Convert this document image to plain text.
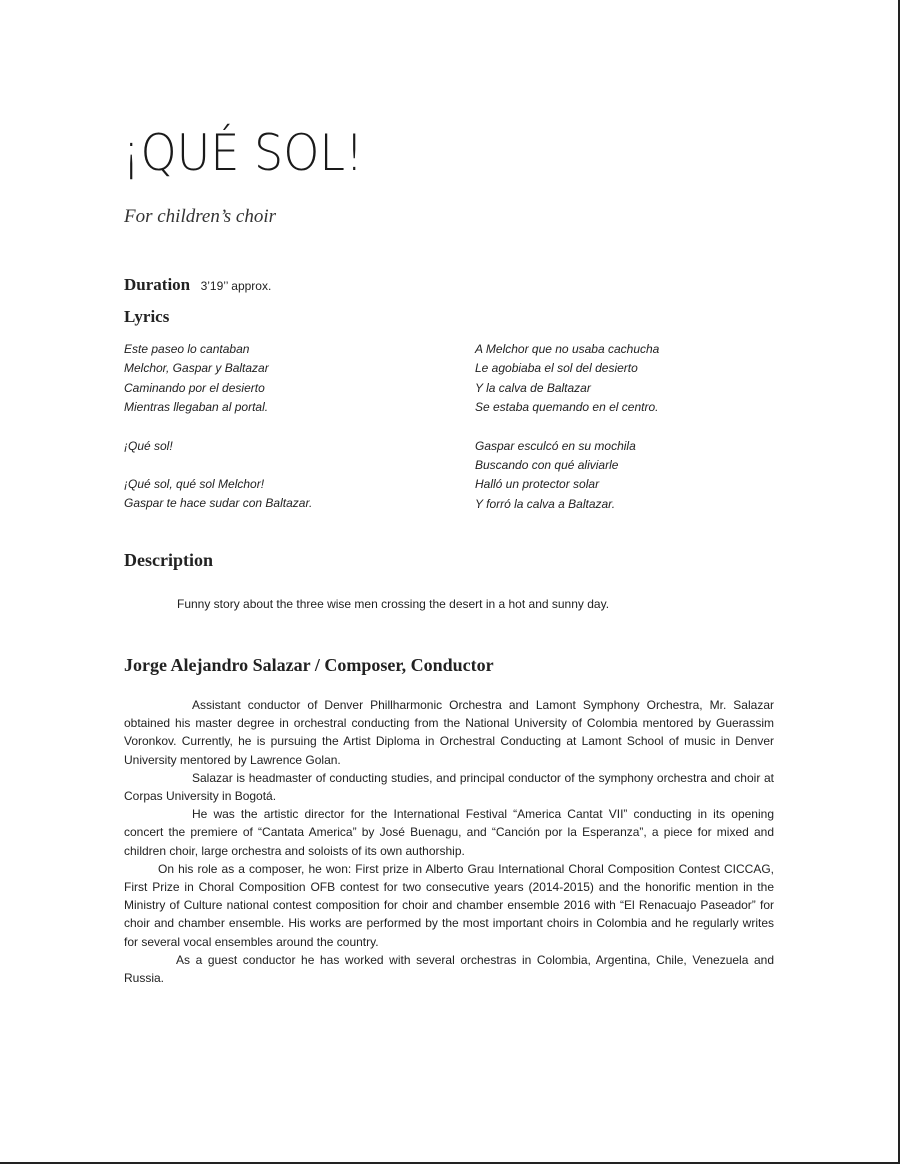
¡QUÉ SOL!
For children’s choir
Duration 3’19’’ approx.
Lyrics
Este paseo lo cantaban
Melchor, Gaspar y Baltazar
Caminando por el desierto
Mientras llegaban al portal.
¡Qué sol!
¡Qué sol, qué sol Melchor!
Gaspar te hace sudar con Baltazar.
A Melchor que no usaba cachucha
Le agobiaba el sol del desierto
Y la calva de Baltazar
Se estaba quemando en el centro.
Gaspar esculcó en su mochila
Buscando con qué aliviarle
Halló un protector solar
Y forró la calva a Baltazar.
Description
Funny story about the three wise men crossing the desert in a hot and sunny day.
Jorge Alejandro Salazar / Composer, Conductor

Assistant conductor of Denver Phillharmonic Orchestra and Lamont Symphony Orchestra, Mr. Salazar obtained his master degree in orchestral conducting from the National University of Colombia mentored by Guerassim Voronkov. Currently, he is pursuing the Artist Diploma in Orchestral Conducting at Lamont School of music in Denver University mentored by Lawrence Golan.

Salazar is headmaster of conducting studies, and principal conductor of the symphony orchestra and choir at Corpas University in Bogotá.

He was the artistic director for the International Festival “America Cantat VII” conducting in its opening concert the premiere of “Cantata America” by José Buenagu, and “Canción por la Esperanza”, a piece for mixed and children choir, large orchestra and soloists of its own authorship.

On his role as a composer, he won: First prize in Alberto Grau International Choral Composition Contest CICCAG, First Prize in Choral Composition OFB contest for two consecutive years (2014-2015) and the honorific mention in the Ministry of Culture national contest composition for choir and chamber ensemble 2016 with “El Renacuajo Paseador” for choir and chamber ensemble. His works are performed by the most important choirs in Colombia and he regularly writes for several vocal ensembles around the country.

As a guest conductor he has worked with several orchestras in Colombia, Argentina, Chile, Venezuela and Russia.
